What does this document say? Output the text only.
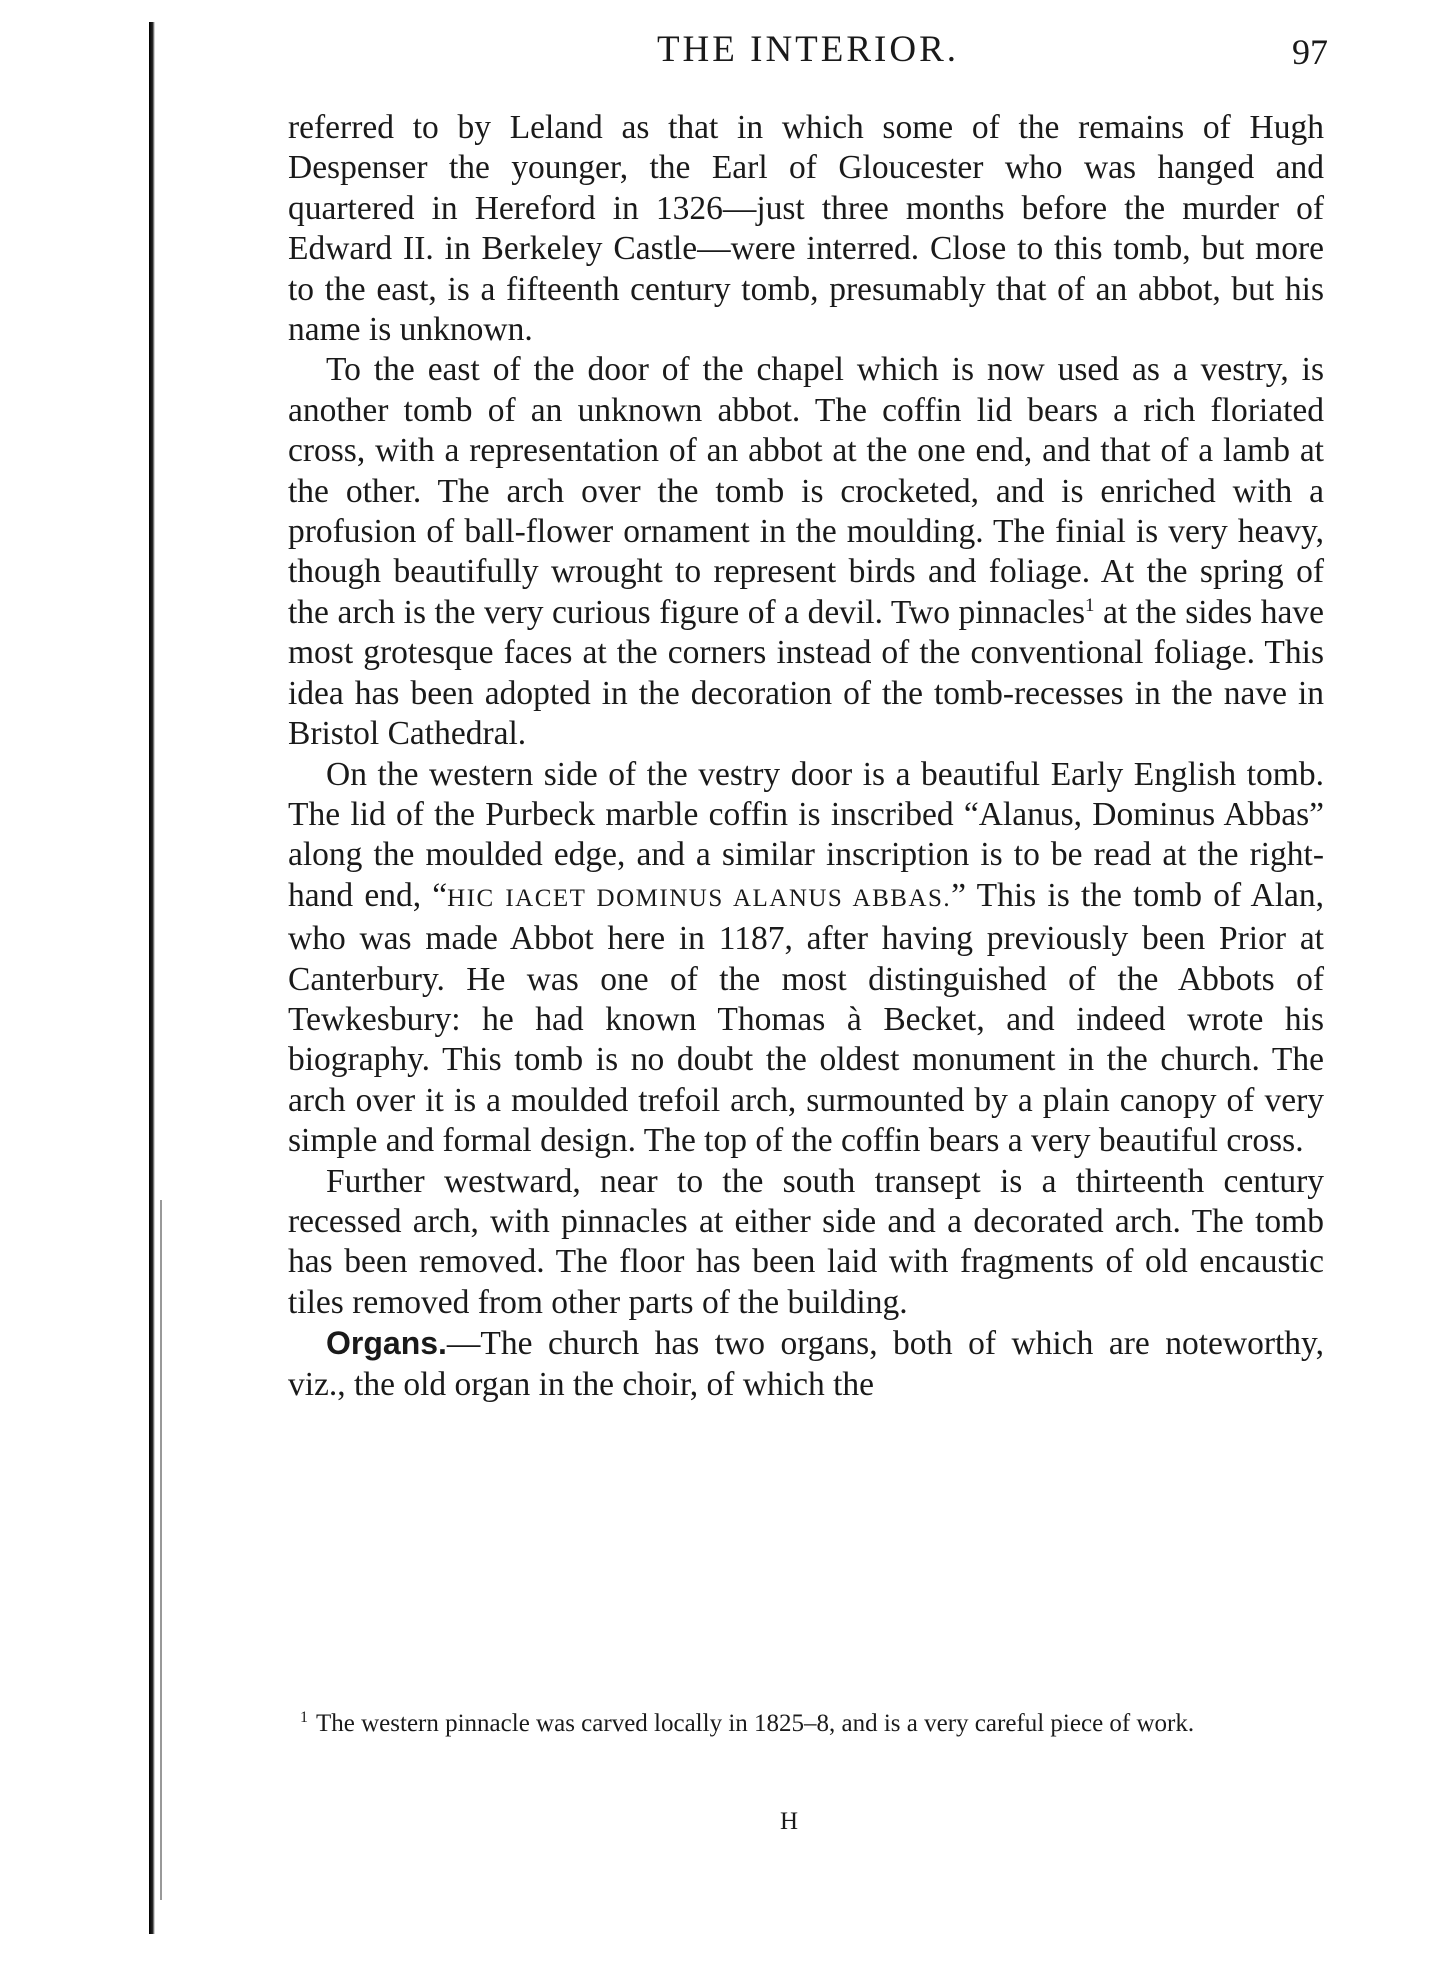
THE INTERIOR.	97

referred to by Leland as that in which some of the remains of Hugh Despenser the younger, the Earl of Gloucester who was hanged and quartered in Hereford in 1326—just three months before the murder of Edward II. in Berkeley Castle—were interred. Close to this tomb, but more to the east, is a fifteenth century tomb, presumably that of an abbot, but his name is unknown.

To the east of the door of the chapel which is now used as a vestry, is another tomb of an unknown abbot. The coffin lid bears a rich floriated cross, with a representation of an abbot at the one end, and that of a lamb at the other. The arch over the tomb is crocketed, and is enriched with a profusion of ball-flower ornament in the moulding. The finial is very heavy, though beautifully wrought to represent birds and foliage. At the spring of the arch is the very curious figure of a devil. Two pinnacles$^1$ at the sides have most grotesque faces at the corners instead of the conventional foliage. This idea has been adopted in the decoration of the tomb-recesses in the nave in Bristol Cathedral.

On the western side of the vestry door is a beautiful Early English tomb. The lid of the Purbeck marble coffin is inscribed “Alanus, Dominus Abbas” along the moulded edge, and a similar inscription is to be read at the right-hand end, “HIC IACET DOMINUS ALANUS ABBAS.” This is the tomb of Alan, who was made Abbot here in 1187, after having previously been Prior at Canterbury. He was one of the most distinguished of the Abbots of Tewkesbury: he had known Thomas à Becket, and indeed wrote his biography. This tomb is no doubt the oldest monument in the church. The arch over it is a moulded trefoil arch, surmounted by a plain canopy of very simple and formal design. The top of the coffin bears a very beautiful cross.

Further westward, near to the south transept is a thirteenth century recessed arch, with pinnacles at either side and a decorated arch. The tomb has been removed. The floor has been laid with fragments of old encaustic tiles removed from other parts of the building.

Organs.—The church has two organs, both of which are noteworthy, viz., the old organ in the choir, of which the

$^1$ The western pinnacle was carved locally in 1825–8, and is a very careful piece of work.
H
